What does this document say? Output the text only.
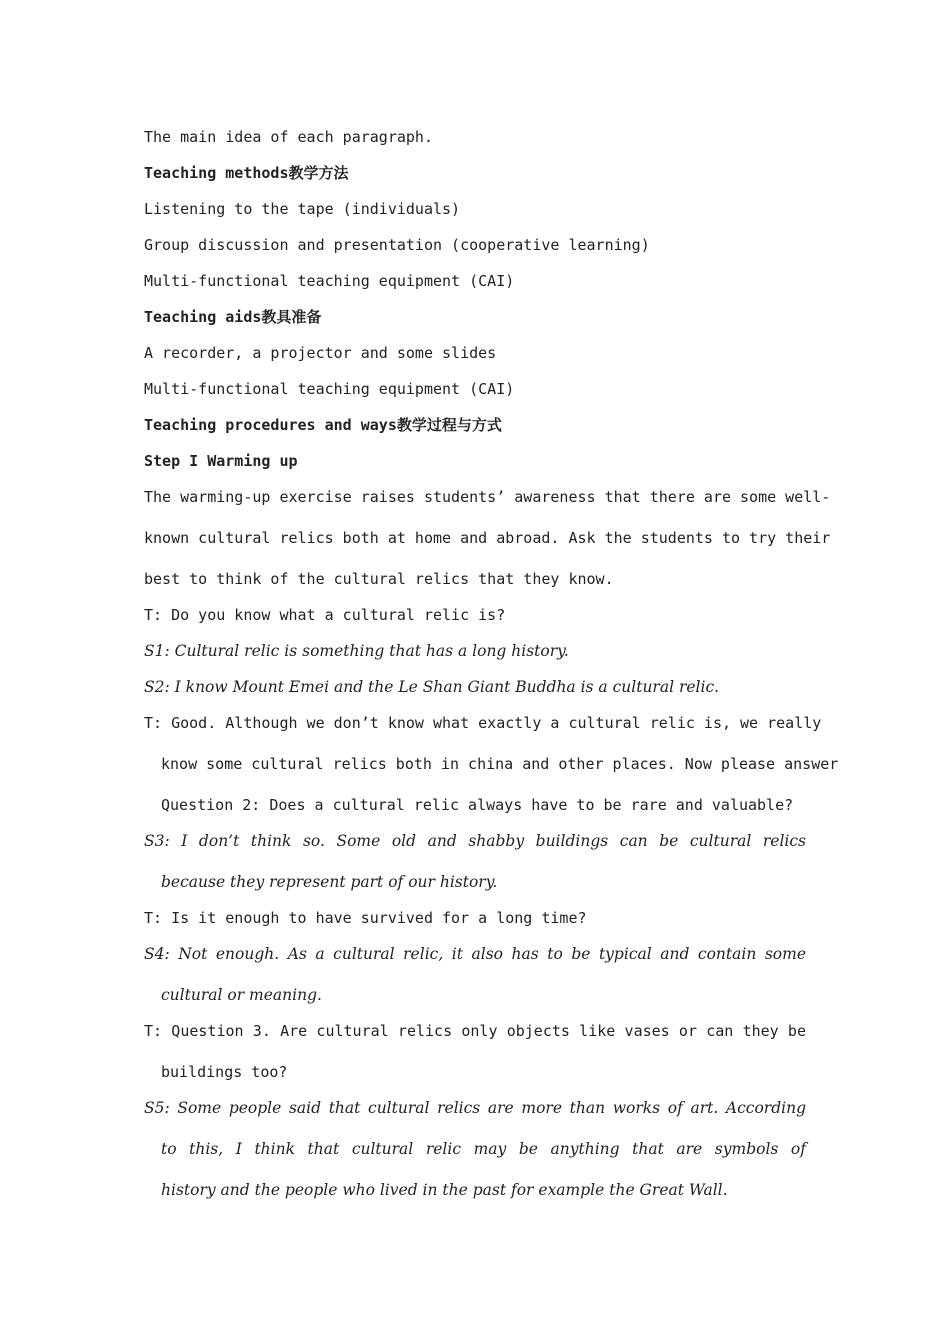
The main idea of each paragraph.
Teaching methods教学方法
Listening to the tape (individuals)
Group discussion and presentation (cooperative learning)
Multi-functional teaching equipment (CAI)
Teaching aids教具准备
A recorder, a projector and some slides
Multi-functional teaching equipment (CAI)
Teaching procedures and ways教学过程与方式
Step I Warming up
The warming-up exercise raises students’ awareness that there are some well-
known cultural relics both at home and abroad. Ask the students to try their
best to think of the cultural relics that they know.
T: Do you know what a cultural relic is?
S1: Cultural relic is something that has a long history.
S2: I know Mount Emei and the Le Shan Giant Buddha is a cultural relic.
T: Good. Although we don’t know what exactly a cultural relic is, we really
know some cultural relics both in china and other places. Now please answer
Question 2: Does a cultural relic always have to be rare and valuable?
S3: I don’t think so. Some old and shabby buildings can be cultural relics
because they represent part of our history.
T: Is it enough to have survived for a long time?
S4: Not enough. As a cultural relic, it also has to be typical and contain some
cultural or meaning.
T: Question 3. Are cultural relics only objects like vases or can they be
buildings too?
S5: Some people said that cultural relics are more than works of art. According
to this, I think that cultural relic may be anything that are symbols of
history and the people who lived in the past for example the Great Wall.
